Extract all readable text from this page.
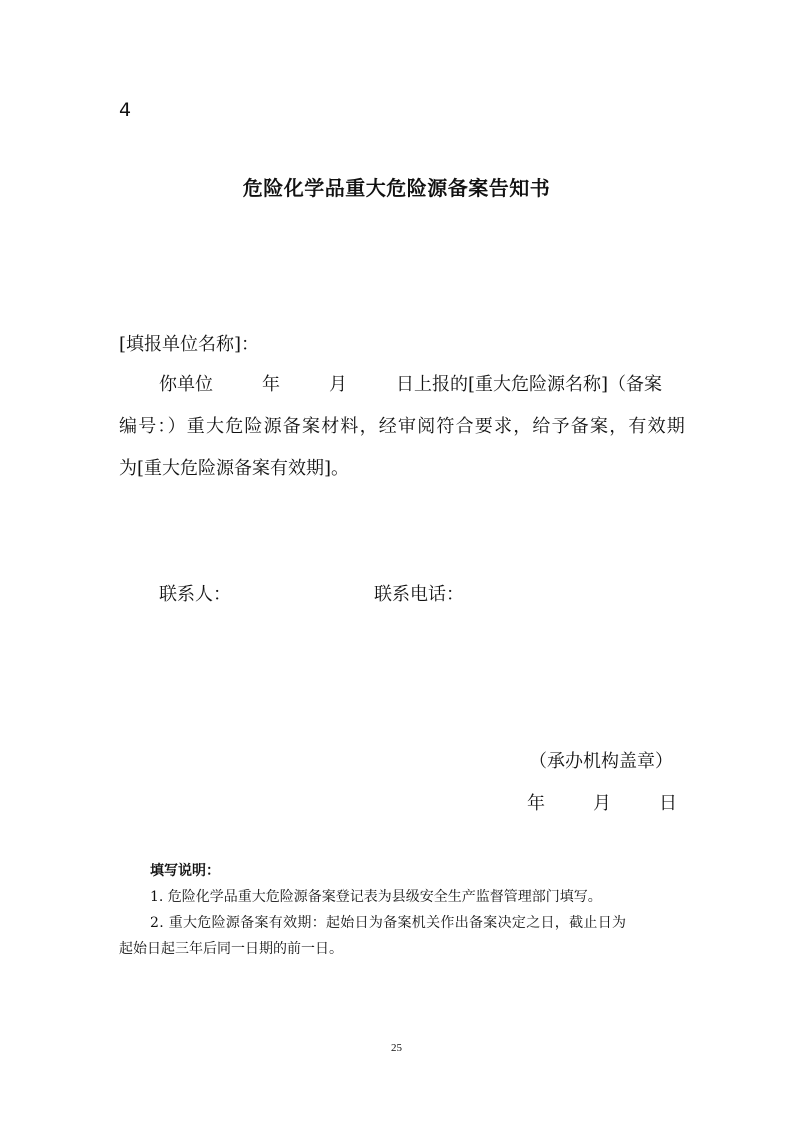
4
危险化学品重大危险源备案告知书
[填报单位名称]：
你单位	年	月	日上报的[重大危险源名称]（备案
编号：）重大危险源备案材料，经审阅符合要求，给予备案，有效期
为[重大危险源备案有效期]。
联系人：	联系电话：
（承办机构盖章）
年	月	日
填写说明：
1. 危险化学品重大危险源备案登记表为县级安全生产监督管理部门填写。
2. 重大危险源备案有效期：起始日为备案机关作出备案决定之日，截止日为
起始日起三年后同一日期的前一日。
25
